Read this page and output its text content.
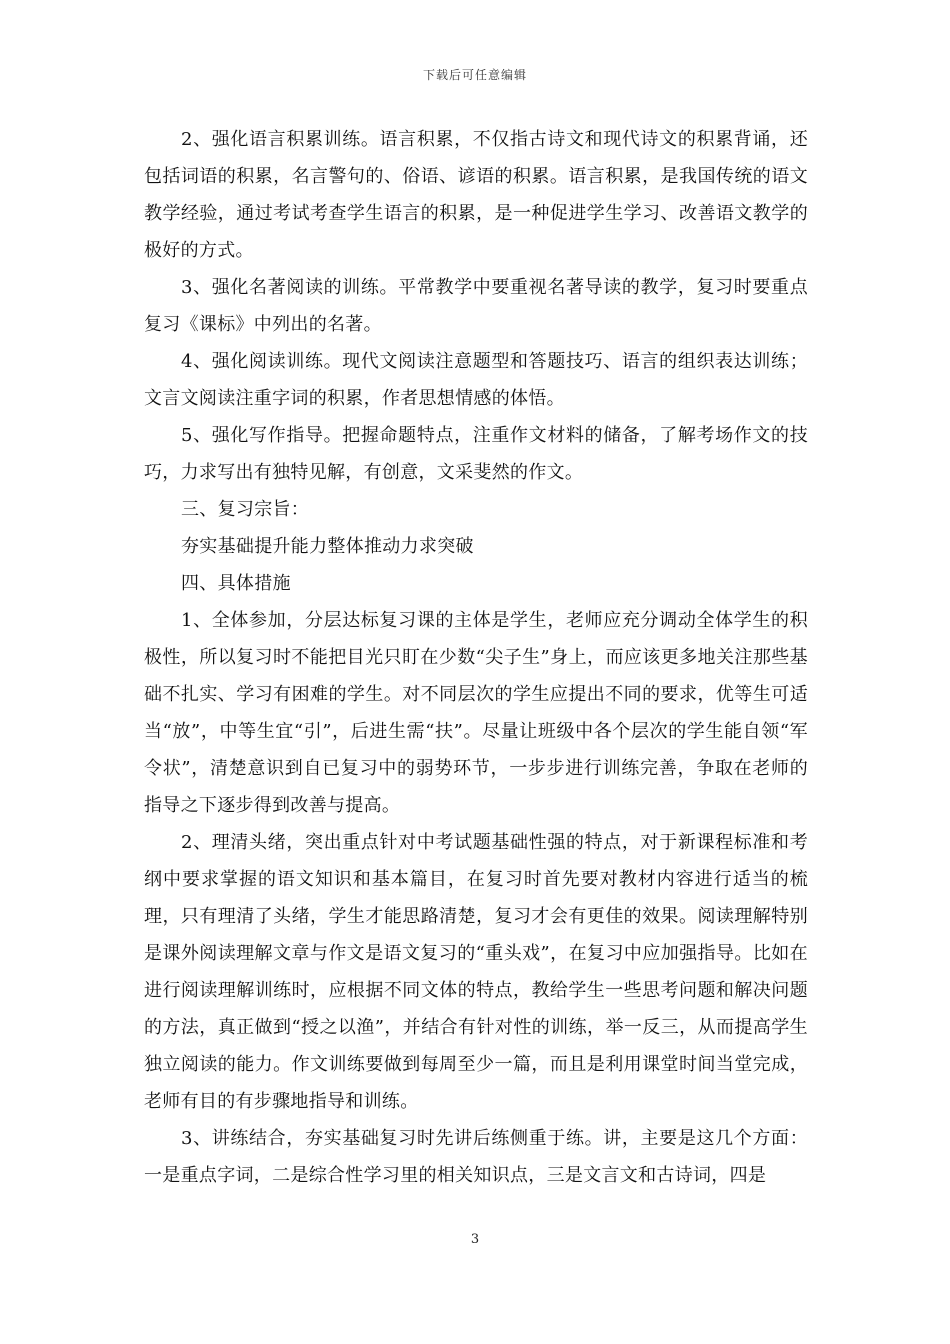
下载后可任意编辑

2、强化语言积累训练。语言积累，不仅指古诗文和现代诗文的积累背诵，还包括词语的积累，名言警句的、俗语、谚语的积累。语言积累，是我国传统的语文教学经验，通过考试考查学生语言的积累，是一种促进学生学习、改善语文教学的极好的方式。

3、强化名著阅读的训练。平常教学中要重视名著导读的教学，复习时要重点复习《课标》中列出的名著。

4、强化阅读训练。现代文阅读注意题型和答题技巧、语言的组织表达训练；文言文阅读注重字词的积累，作者思想情感的体悟。

5、强化写作指导。把握命题特点，注重作文材料的储备，了解考场作文的技巧，力求写出有独特见解，有创意，文采斐然的作文。

三、复习宗旨：

夯实基础提升能力整体推动力求突破

四、具体措施

1、全体参加，分层达标复习课的主体是学生，老师应充分调动全体学生的积极性，所以复习时不能把目光只盯在少数“尖子生”身上，而应该更多地关注那些基础不扎实、学习有困难的学生。对不同层次的学生应提出不同的要求，优等生可适当“放”，中等生宜“引”，后进生需“扶”。尽量让班级中各个层次的学生能自领“军令状”，清楚意识到自已复习中的弱势环节，一步步进行训练完善，争取在老师的指导之下逐步得到改善与提高。

2、理清头绪，突出重点针对中考试题基础性强的特点，对于新课程标准和考纲中要求掌握的语文知识和基本篇目，在复习时首先要对教材内容进行适当的梳理，只有理清了头绪，学生才能思路清楚，复习才会有更佳的效果。阅读理解特别是课外阅读理解文章与作文是语文复习的“重头戏”，在复习中应加强指导。比如在进行阅读理解训练时，应根据不同文体的特点，教给学生一些思考问题和解决问题的方法，真正做到“授之以渔”，并结合有针对性的训练，举一反三，从而提高学生独立阅读的能力。作文训练要做到每周至少一篇，而且是利用课堂时间当堂完成，老师有目的有步骤地指导和训练。

3、讲练结合，夯实基础复习时先讲后练侧重于练。讲，主要是这几个方面：一是重点字词，二是综合性学习里的相关知识点，三是文言文和古诗词，四是

3
